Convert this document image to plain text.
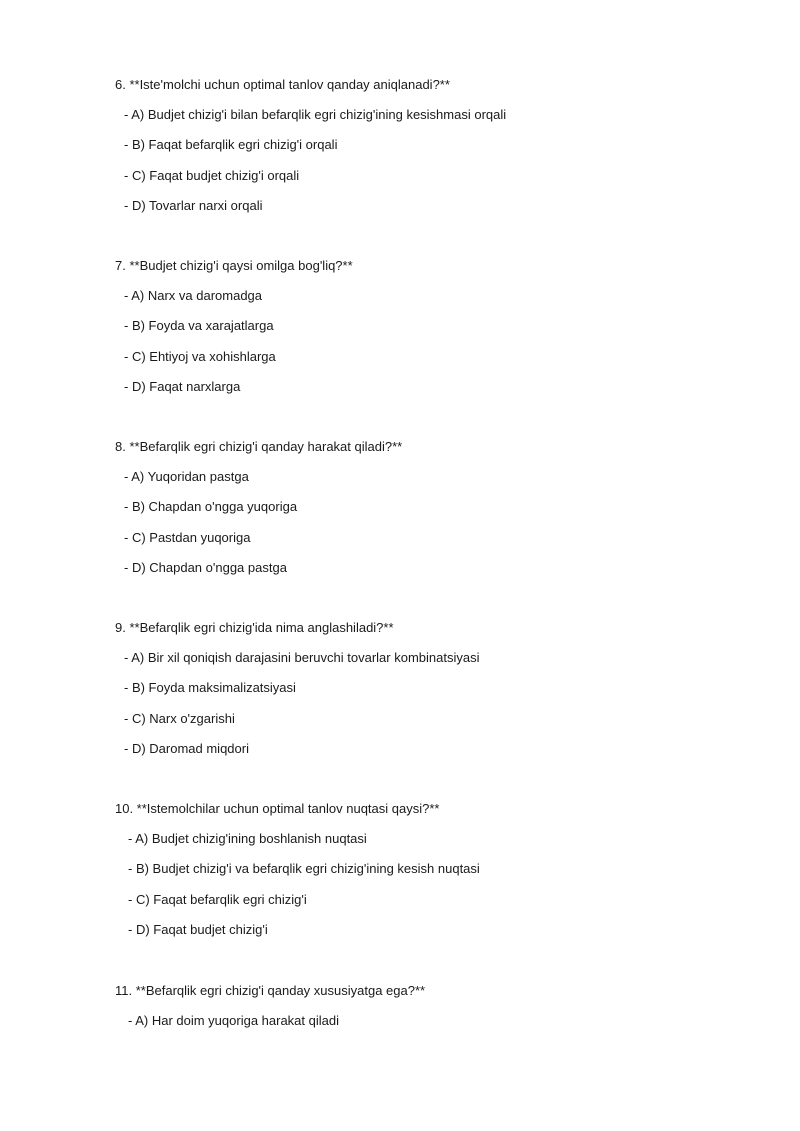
6. **Iste'molchi uchun optimal tanlov qanday aniqlanadi?**
- A) Budjet chizig'i bilan befarqlik egri chizig'ining kesishmasi orqali
- B) Faqat befarqlik egri chizig'i orqali
- C) Faqat budjet chizig'i orqali
- D) Tovarlar narxi orqali
7. **Budjet chizig'i qaysi omilga bog'liq?**
- A) Narx va daromadga
- B) Foyda va xarajatlarga
- C) Ehtiyoj va xohishlarga
- D) Faqat narxlarga
8. **Befarqlik egri chizig'i qanday harakat qiladi?**
- A) Yuqoridan pastga
- B) Chapdan o'ngga yuqoriga
- C) Pastdan yuqoriga
- D) Chapdan o'ngga pastga
9. **Befarqlik egri chizig'ida nima anglashiladi?**
- A) Bir xil qoniqish darajasini beruvchi tovarlar kombinatsiyasi
- B) Foyda maksimalizatsiyasi
- C) Narx o'zgarishi
- D) Daromad miqdori
10. **Istemolchilar uchun optimal tanlov nuqtasi qaysi?**
- A) Budjet chizig'ining boshlanish nuqtasi
- B) Budjet chizig'i va befarqlik egri chizig'ining kesish nuqtasi
- C) Faqat befarqlik egri chizig'i
- D) Faqat budjet chizig'i
11. **Befarqlik egri chizig'i qanday xususiyatga ega?**
- A) Har doim yuqoriga harakat qiladi
